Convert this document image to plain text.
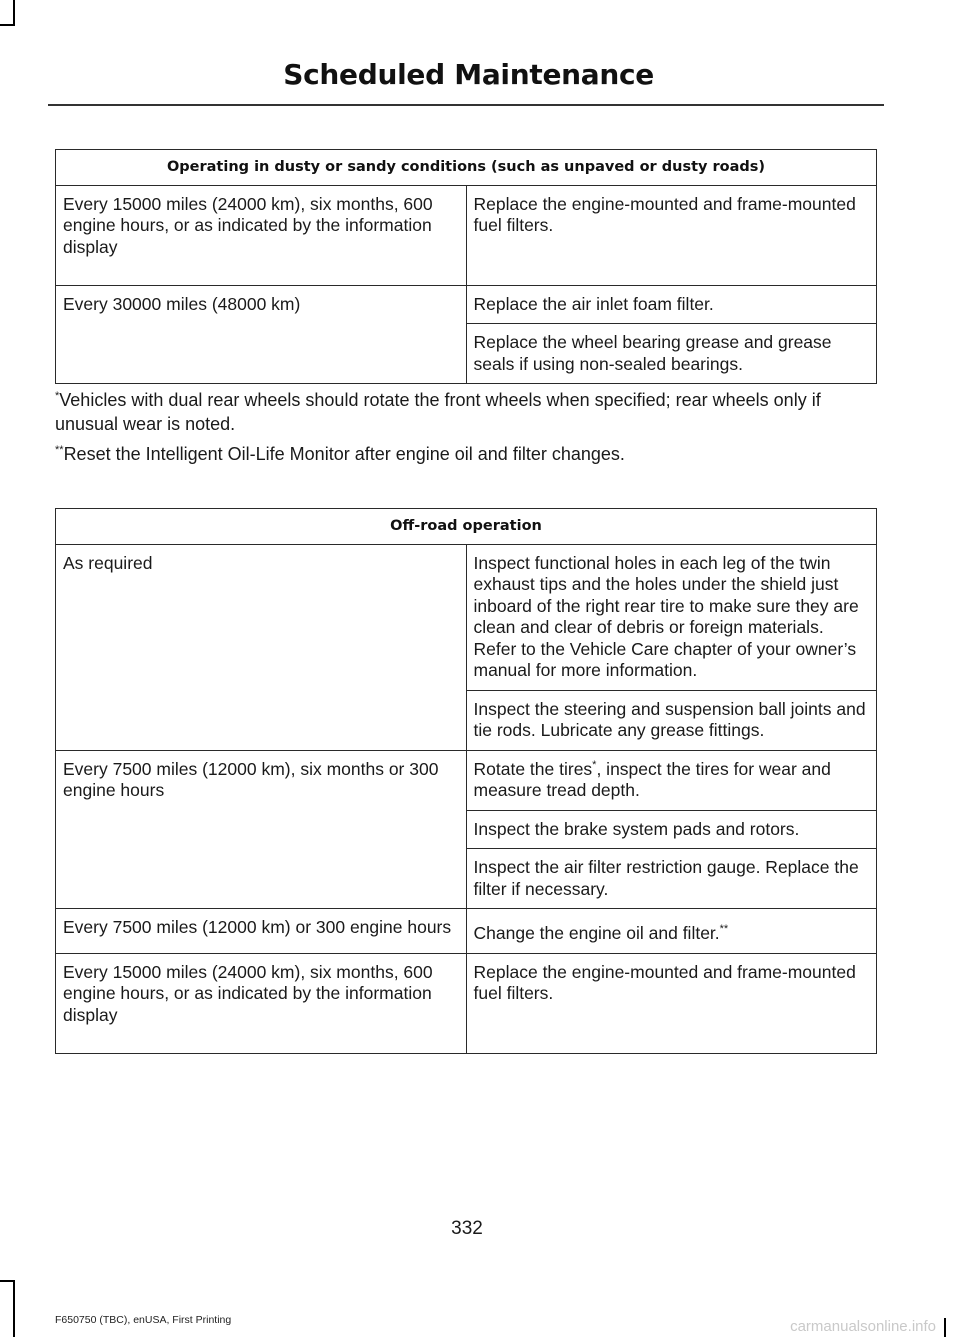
Scheduled Maintenance
Operating in dusty or sandy conditions (such as unpaved or dusty roads)	
Every 15000 miles (24000 km), six months, 600 engine hours, or as indicated by the information display	Replace the engine-mounted and frame-mounted fuel filters.
Every 30000 miles (48000 km)	Replace the air inlet foam filter.
	Replace the wheel bearing grease and grease seals if using non-sealed bearings.

*Vehicles with dual rear wheels should rotate the front wheels when specified; rear wheels only if unusual wear is noted.

**Reset the Intelligent Oil-Life Monitor after engine oil and filter changes.

Off-road operation	
As required	Inspect functional holes in each leg of the twin exhaust tips and the holes under the shield just inboard of the right rear tire to make sure they are clean and clear of debris or foreign materials. Refer to the Vehicle Care chapter of your owner’s manual for more information.
	Inspect the steering and suspension ball joints and tie rods. Lubricate any grease fittings.
Every 7500 miles (12000 km), six months or 300 engine hours	Rotate the tires*, inspect the tires for wear and measure tread depth.
	Inspect the brake system pads and rotors.
	Inspect the air filter restriction gauge. Replace the filter if necessary.
Every 7500 miles (12000 km) or 300 engine hours	Change the engine oil and filter.**
Every 15000 miles (24000 km), six months, 600 engine hours, or as indicated by the information display	Replace the engine-mounted and frame-mounted fuel filters.
332
F650750 (TBC), enUSA, First Printing	carmanualsonline.info
